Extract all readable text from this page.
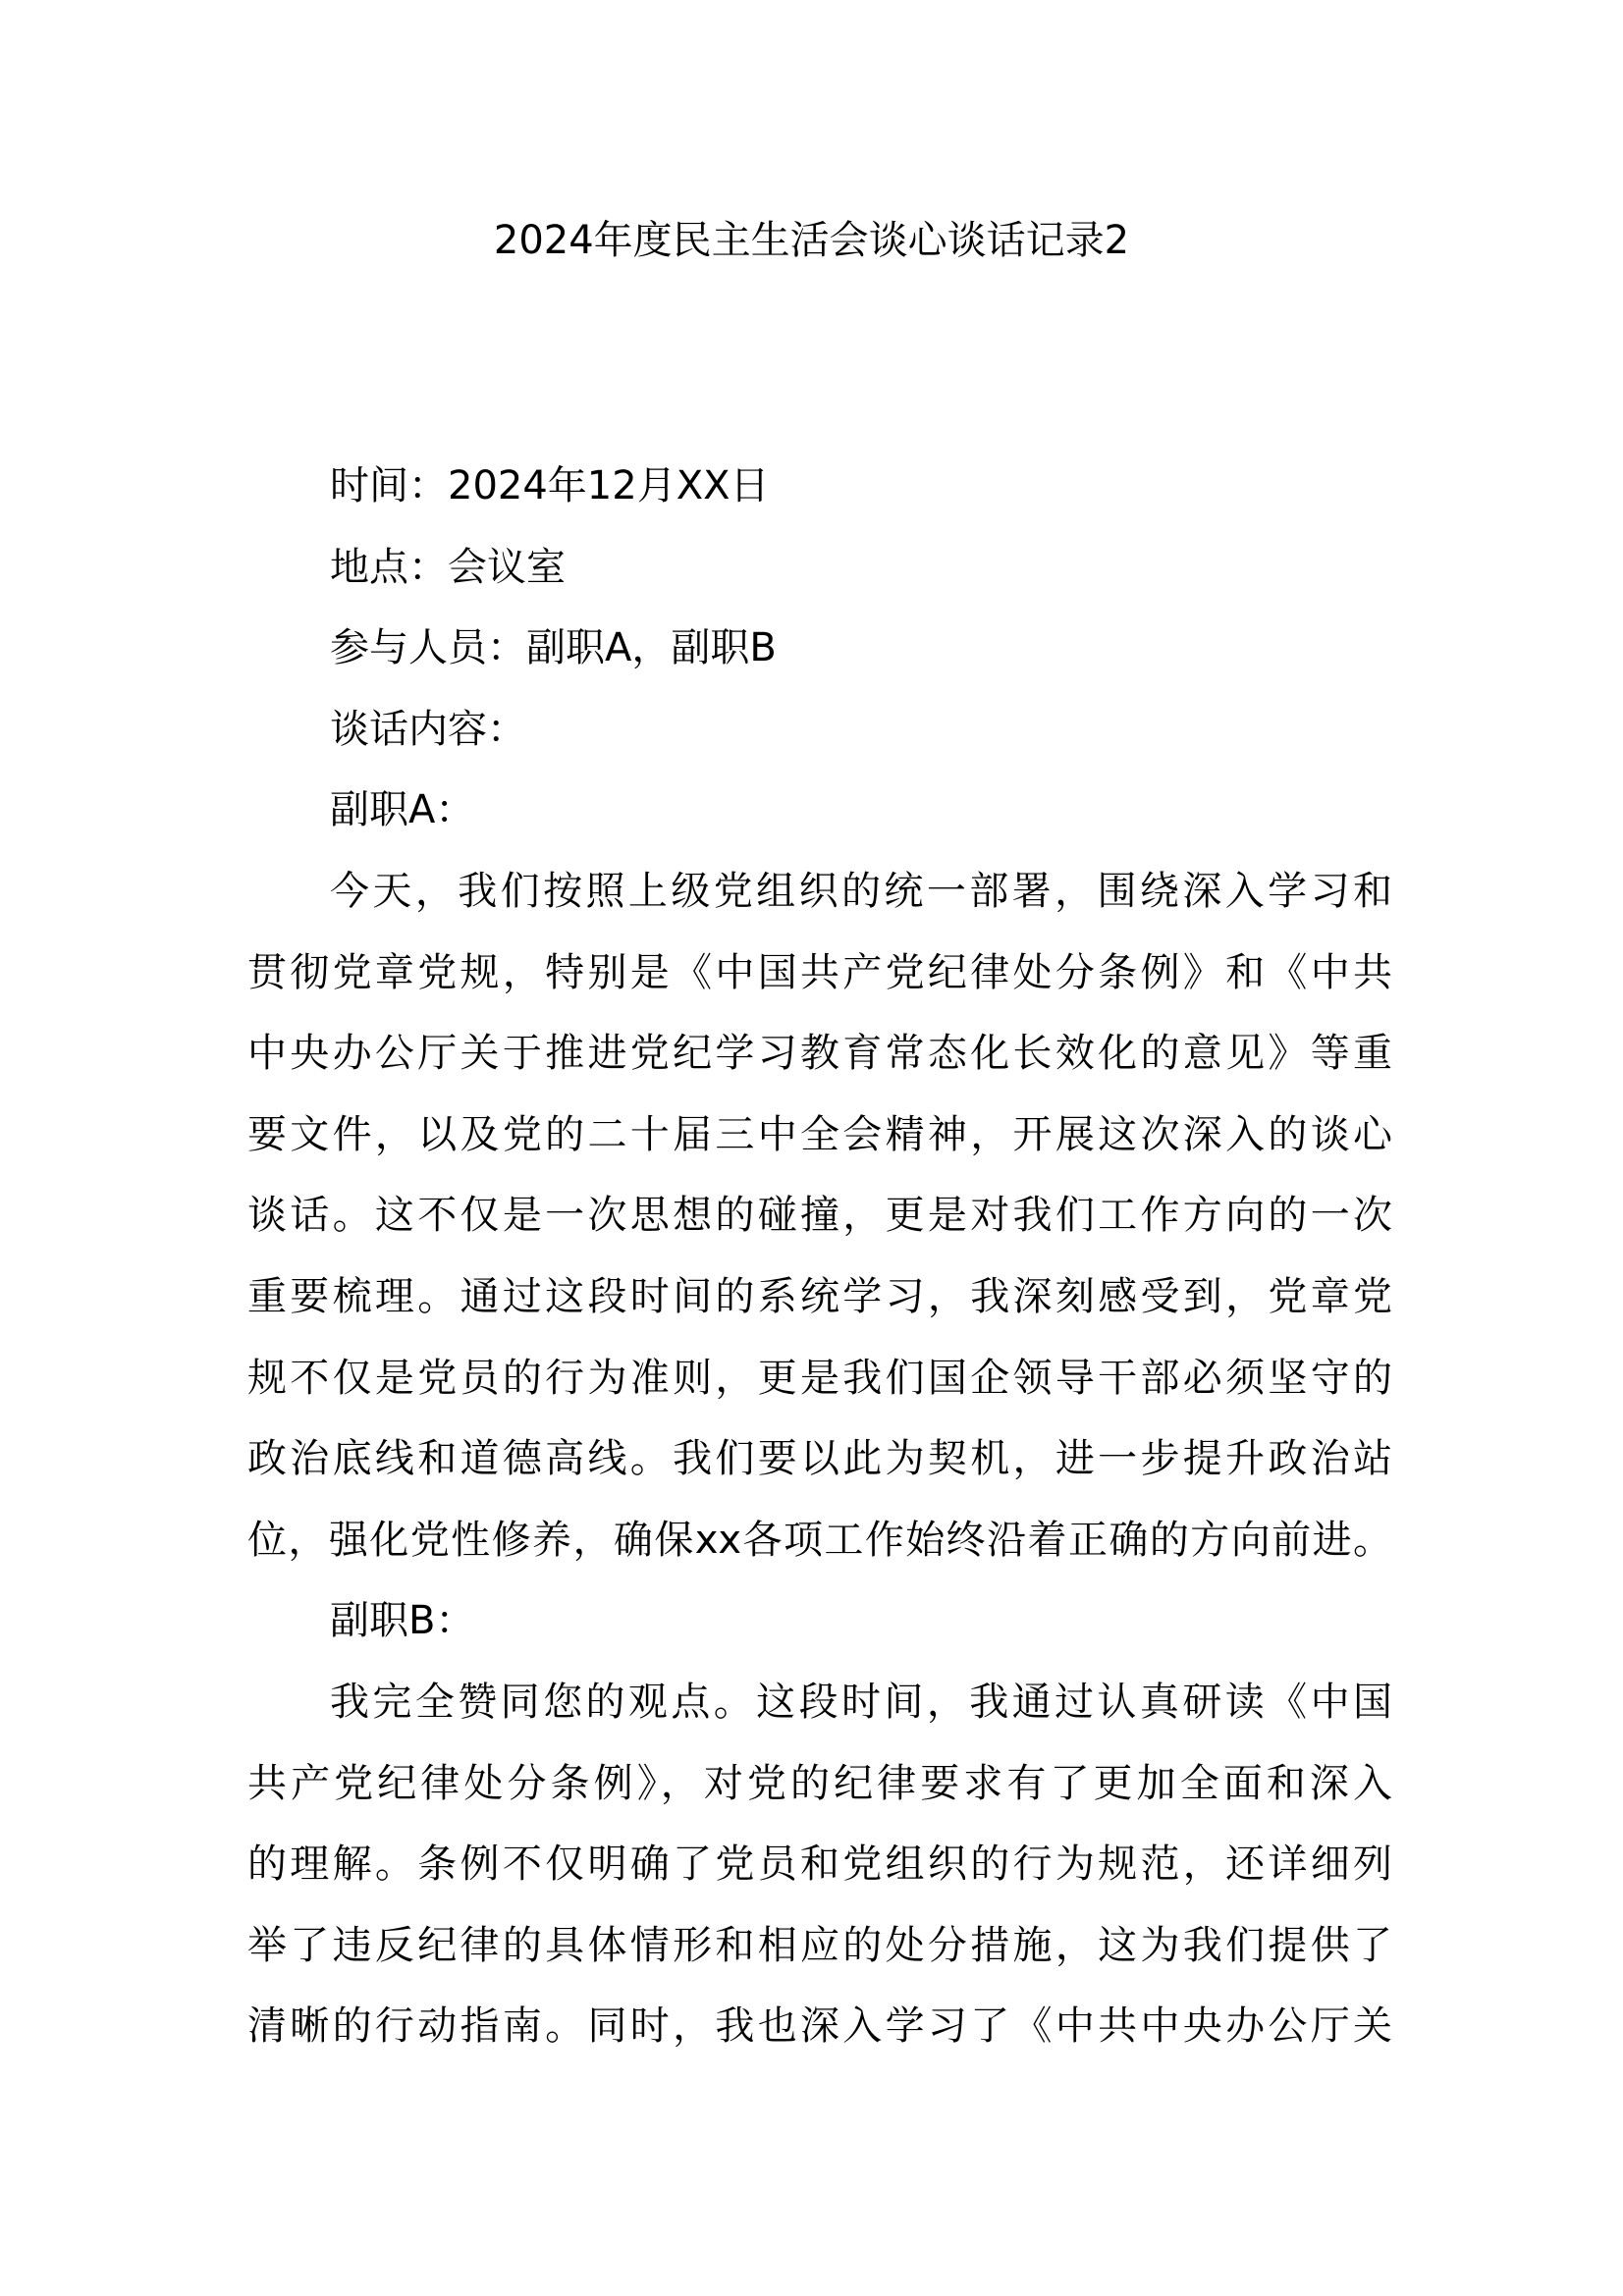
2024年度民主生活会谈心谈话记录2
时间：2024年12月XX日
地点：会议室
参与人员：副职A，副职B
谈话内容：
副职A：
今天，我们按照上级党组织的统一部署，围绕深入学习和
贯彻党章党规，特别是《中国共产党纪律处分条例》和《中共
中央办公厅关于推进党纪学习教育常态化长效化的意见》等重
要文件，以及党的二十届三中全会精神，开展这次深入的谈心
谈话。这不仅是一次思想的碰撞，更是对我们工作方向的一次
重要梳理。通过这段时间的系统学习，我深刻感受到，党章党
规不仅是党员的行为准则，更是我们国企领导干部必须坚守的
政治底线和道德高线。我们要以此为契机，进一步提升政治站
位，强化党性修养，确保xx各项工作始终沿着正确的方向前进。
副职B：
我完全赞同您的观点。这段时间，我通过认真研读《中国
共产党纪律处分条例》，对党的纪律要求有了更加全面和深入
的理解。条例不仅明确了党员和党组织的行为规范，还详细列
举了违反纪律的具体情形和相应的处分措施，这为我们提供了
清晰的行动指南。同时，我也深入学习了《中共中央办公厅关
